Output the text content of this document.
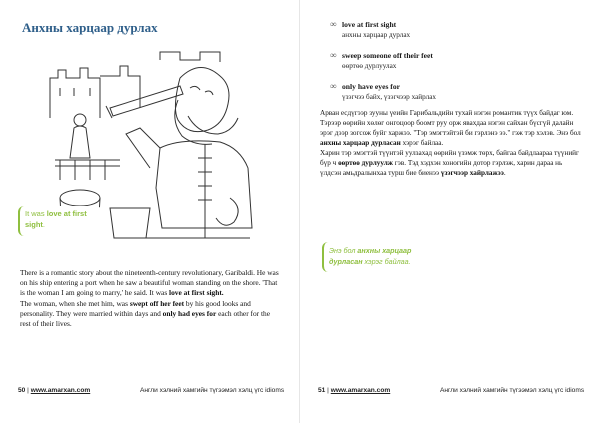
Анхны харцаар дурлах
It was love at first sight.

There is a romantic story about the nineteenth-century revolutionary, Garibaldi. He was on his ship entering a port when he saw a beautiful woman standing on the shore. 'That is the woman I am going to marry,' he said. It was love at first sight.

The woman, when she met him, was swept off her feet by his good looks and personality. They were married within days and only had eyes for each other for the rest of their lives.

50 | www.amarxan.com	Англи хэлний хамгийн түгээмэл хэлц үгс idioms
∞ love at first sight
анхны харцаар дурлах
∞ sweep someone off their feet
өөртөө дурлуулах
∞ only have eyes for
үзэгчээ байх, үзэгчээр хайрлах

Арван есдүгээр зууны үеийн Гарибальдийн тухай нэгэн романтик түүх байдаг юм. Тэрээр өөрийн хөлөг онгоцоор боомт руу орж явахдаа нэгэн сайхан бүсгүй далайн эрэг дээр зогсож буйг харжээ. "Тэр эмэгтэйтэй би гэрлэнэ ээ." гэж тэр хэлэв. Энэ бол анхны харцаар дурласан хэрэг байлаа.

Харин тэр эмэгтэй түүнтэй уулзахад өөрийн үзэмж төрх, байгаа байдлаараа түүнийг бүр ч өөртөө дурлуулж гэв. Тэд хэдхэн хоногийн дотор гэрлэж, харин дараа нь үлдсэн амьдралынхаа турш бие биенээ үзэгчээр хайрлажээ.

Энэ бол анхны харцаар дурласан хэрэг байлаа.
51 | www.amarxan.com	Англи хэлний хамгийн түгээмэл хэлц үгс idioms
